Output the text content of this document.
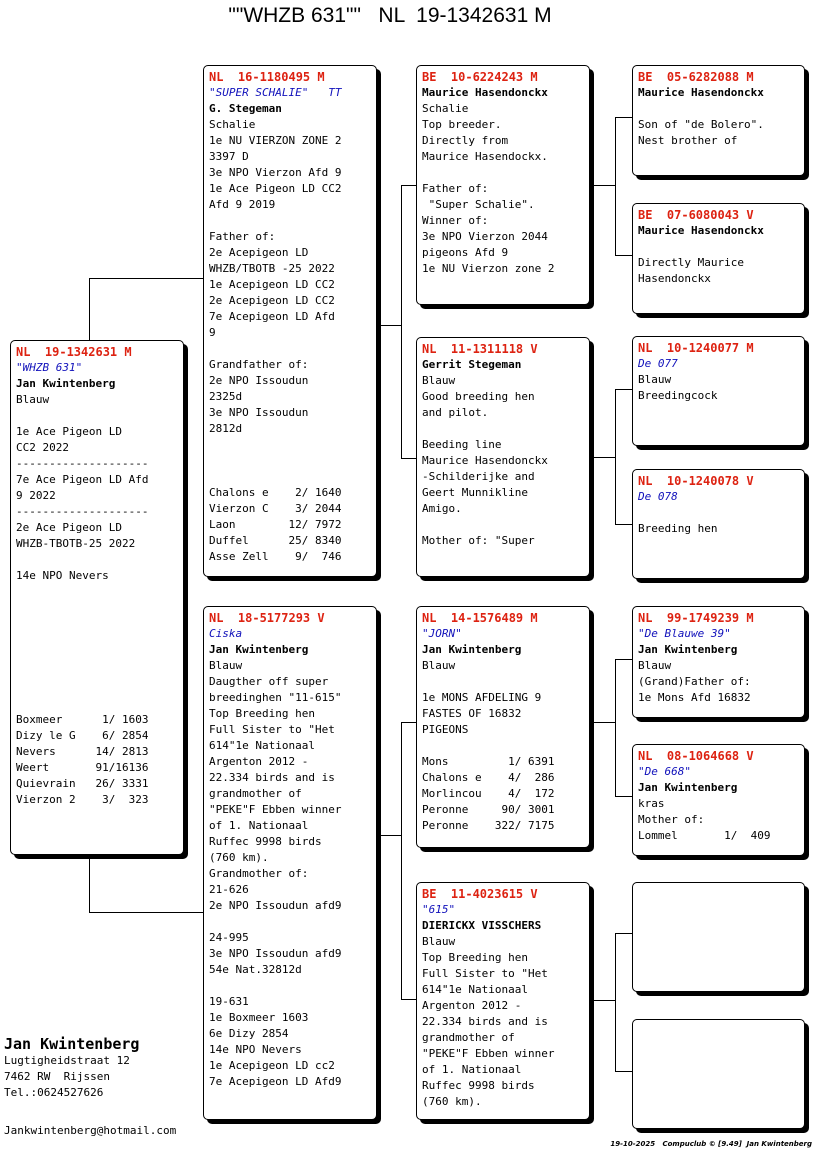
""WHZB 631""   NL  19-1342631 M
NL  19-1342631 M
"WHZB 631"
Jan Kwintenberg
Blauw
1e Ace Pigeon LD
CC2 2022
--------------------
7e Ace Pigeon LD Afd
9 2022
--------------------
2e Ace Pigeon LD
WHZB-TBOTB-25 2022
14e NPO Nevers
Boxmeer      1/ 1603
Dizy le G    6/ 2854
Nevers      14/ 2813
Weert       91/16136
Quievrain   26/ 3331
Vierzon 2    3/  323
NL  16-1180495 M
"SUPER SCHALIE"   TT
G. Stegeman
Schalie
1e NU VIERZON ZONE 2
3397 D
3e NPO Vierzon Afd 9
1e Ace Pigeon LD CC2
Afd 9 2019
Father of:
2e Acepigeon LD
WHZB/TBOTB -25 2022
1e Acepigeon LD CC2
2e Acepigeon LD CC2
7e Acepigeon LD Afd
9
Grandfather of:
2e NPO Issoudun
2325d
3e NPO Issoudun
2812d
Chalons e    2/ 1640
Vierzon C    3/ 2044
Laon        12/ 7972
Duffel      25/ 8340
Asse Zell    9/  746
NL  18-5177293 V
Ciska
Jan Kwintenberg
Blauw
Daugther off super
breedinghen "11-615"
Top Breeding hen
Full Sister to "Het
614"1e Nationaal
Argenton 2012 -
22.334 birds and is
grandmother of
"PEKE"F Ebben winner
of 1. Nationaal
Ruffec 9998 birds
(760 km).
Grandmother of:
21-626
2e NPO Issoudun afd9
24-995
3e NPO Issoudun afd9
54e Nat.32812d
19-631
1e Boxmeer 1603
6e Dizy 2854
14e NPO Nevers
1e Acepigeon LD cc2
7e Acepigeon LD Afd9
BE  10-6224243 M
Maurice Hasendonckx
Schalie
Top breeder.
Directly from
Maurice Hasendockx.
Father of:
"Super Schalie".
Winner of:
3e NPO Vierzon 2044
pigeons Afd 9
1e NU Vierzon zone 2
NL  11-1311118 V
Gerrit Stegeman
Blauw
Good breeding hen
and pilot.
Beeding line
Maurice Hasendonckx
-Schilderijke and
Geert Munnikline
Amigo.
Mother of: "Super
NL  14-1576489 M
"JORN"
Jan Kwintenberg
Blauw
1e MONS AFDELING 9
FASTES OF 16832
PIGEONS
Mons         1/ 6391
Chalons e    4/  286
Morlincou    4/  172
Peronne     90/ 3001
Peronne    322/ 7175
BE  11-4023615 V
"615"
DIERICKX VISSCHERS
Blauw
Top Breeding hen
Full Sister to "Het
614"1e Nationaal
Argenton 2012 -
22.334 birds and is
grandmother of
"PEKE"F Ebben winner
of 1. Nationaal
Ruffec 9998 birds
(760 km).
BE  05-6282088 M
Maurice Hasendonckx
Son of "de Bolero".
Nest brother of
BE  07-6080043 V
Maurice Hasendonckx
Directly Maurice
Hasendonckx
NL  10-1240077 M
De 077
Blauw
Breedingcock
NL  10-1240078 V
De 078
Breeding hen
NL  99-1749239 M
"De Blauwe 39"
Jan Kwintenberg
Blauw
(Grand)Father of:
1e Mons Afd 16832
NL  08-1064668 V
"De 668"
Jan Kwintenberg
kras
Mother of:
Lommel       1/  409
Jan Kwintenberg
Lugtigheidstraat 12
7462 RW  Rijssen
Tel.:0624527626
Jankwintenberg@hotmail.com
19-10-2025   Compuclub © [9.49]  Jan Kwintenberg
